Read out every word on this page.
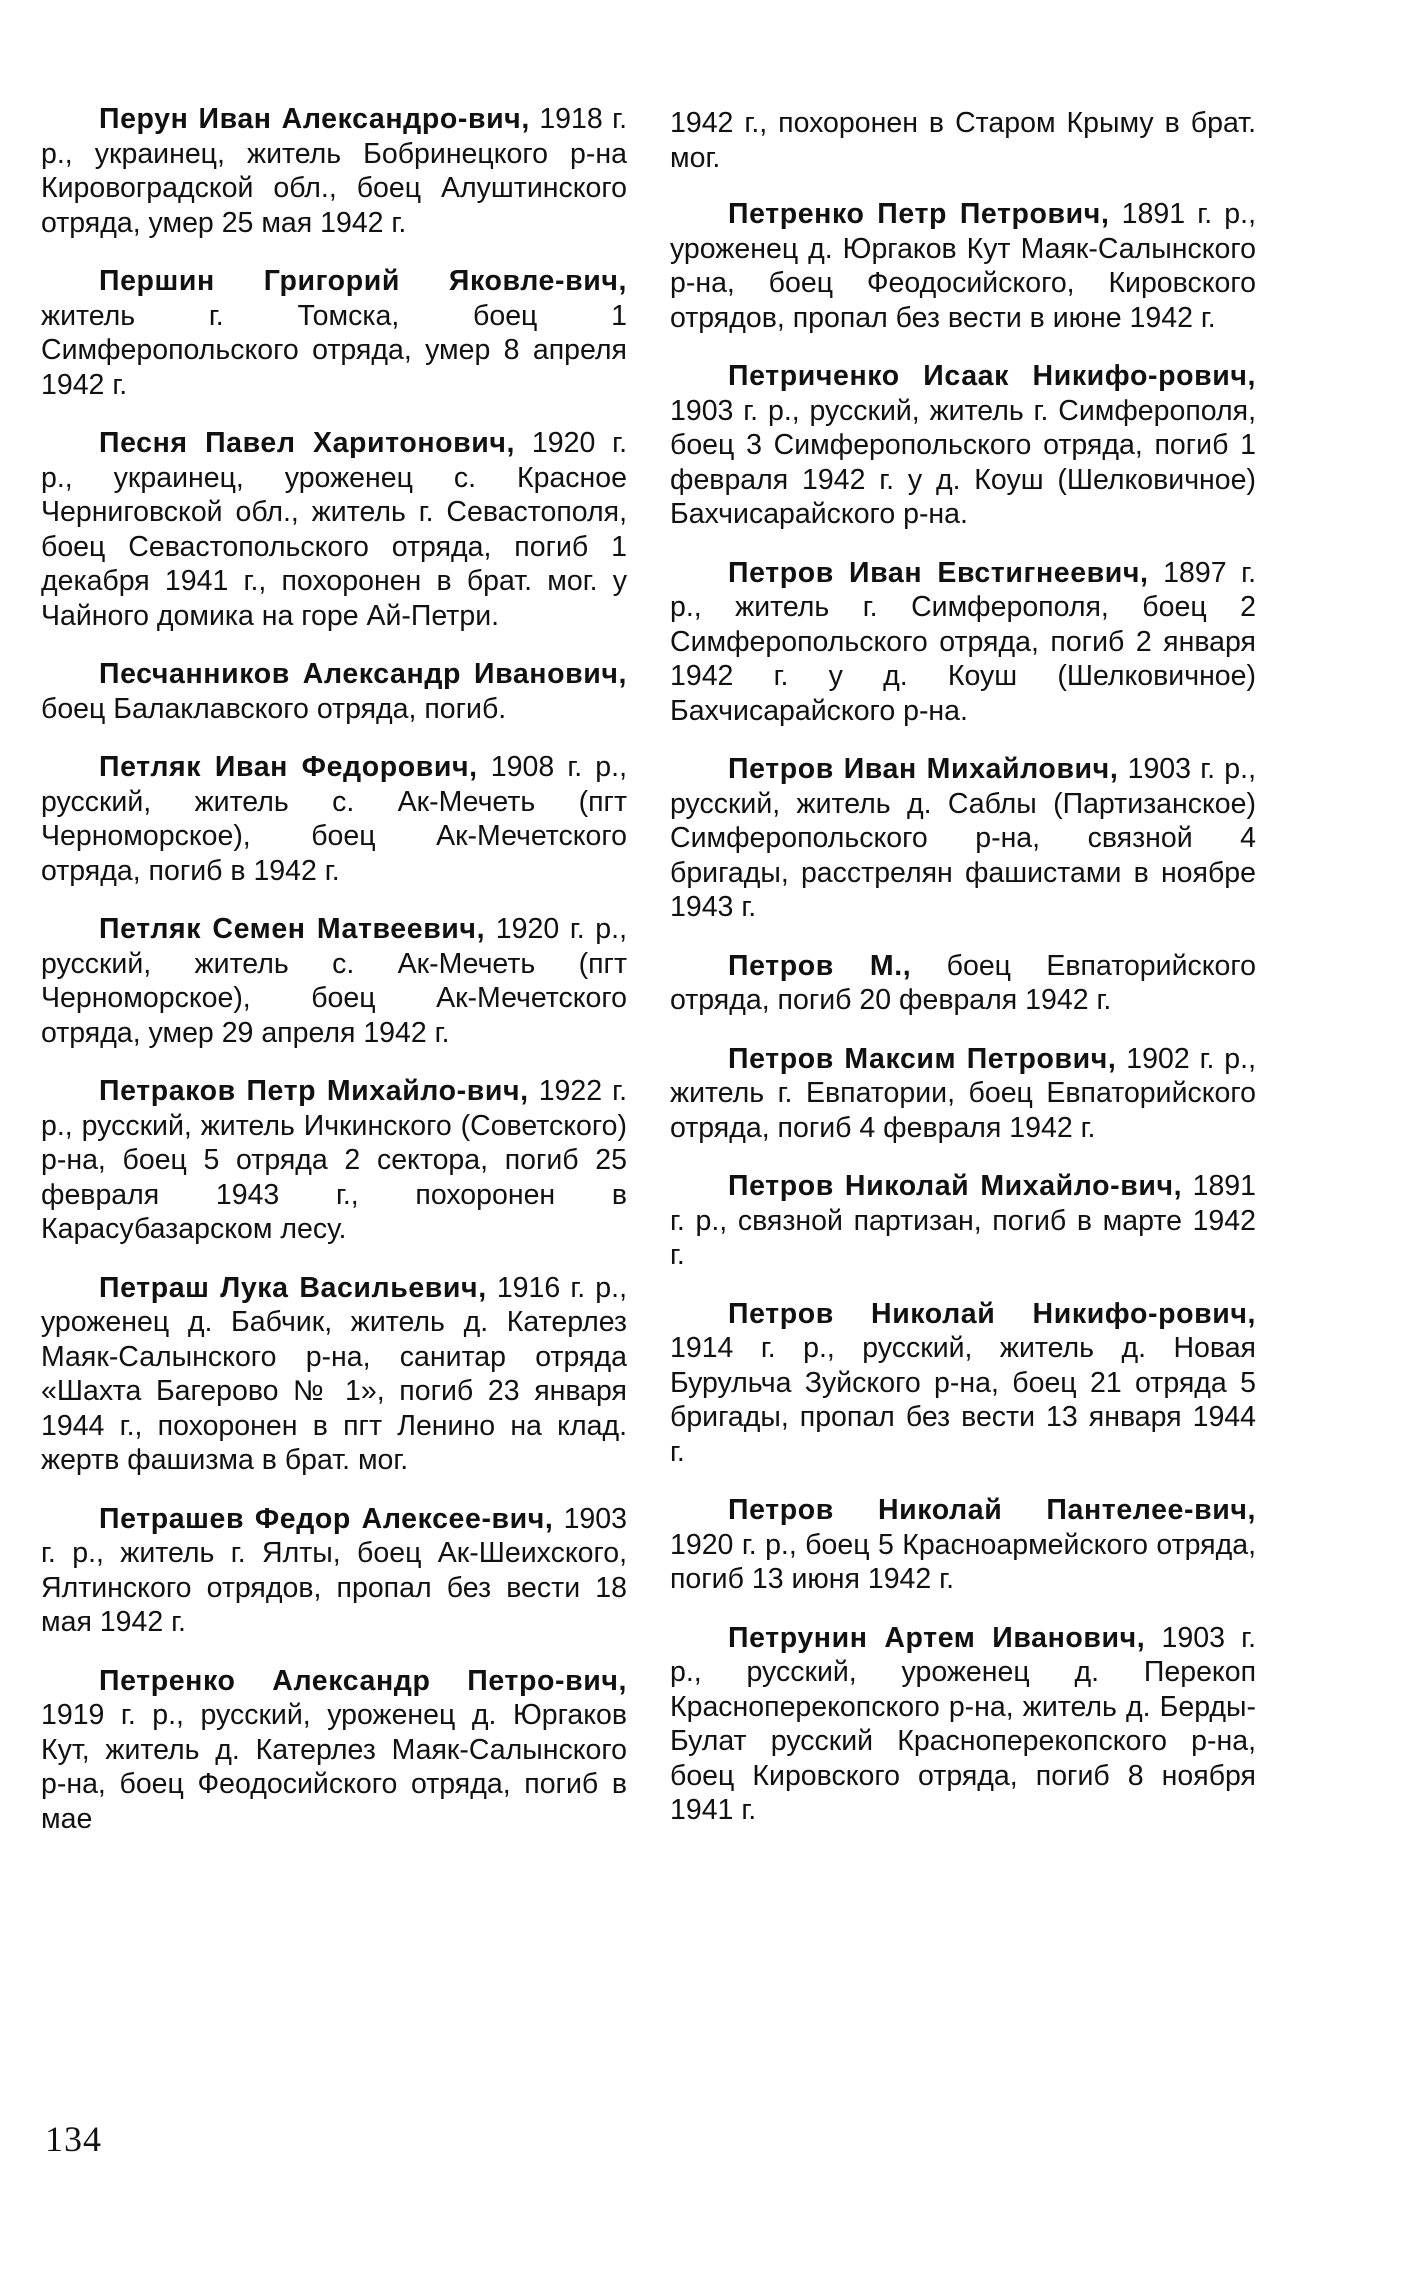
Перун Иван Александро-вич, 1918 г. р., украинец, житель Бобринецкого р-на Кировоградской обл., боец Алуштинского отряда, умер 25 мая 1942 г.

Першин Григорий Яковле-вич, житель г. Томска, боец 1 Симферопольского отряда, умер 8 апреля 1942 г.

Песня Павел Харитонович, 1920 г. р., украинец, уроженец с. Красное Черниговской обл., житель г. Севастополя, боец Севастопольского отряда, погиб 1 декабря 1941 г., похоронен в брат. мог. у Чайного домика на горе Ай-Петри.

Песчанников Александр Иванович, боец Балаклавского отряда, погиб.

Петляк Иван Федорович, 1908 г. р., русский, житель с. Ак-Мечеть (пгт Черноморское), боец Ак-Мечетского отряда, погиб в 1942 г.

Петляк Семен Матвеевич, 1920 г. р., русский, житель с. Ак-Мечеть (пгт Черноморское), боец Ак-Мечетского отряда, умер 29 апреля 1942 г.

Петраков Петр Михайло-вич, 1922 г. р., русский, житель Ичкинского (Советского) р-на, боец 5 отряда 2 сектора, погиб 25 февраля 1943 г., похоронен в Карасубазарском лесу.

Петраш Лука Васильевич, 1916 г. р., уроженец д. Бабчик, житель д. Катерлез Маяк-Салынского р-на, санитар отряда «Шахта Багерово № 1», погиб 23 января 1944 г., похоронен в пгт Ленино на клад. жертв фашизма в брат. мог.

Петрашев Федор Алексее-вич, 1903 г. р., житель г. Ялты, боец Ак-Шеихского, Ялтинского отрядов, пропал без вести 18 мая 1942 г.

Петренко Александр Петро-вич, 1919 г. р., русский, уроженец д. Юргаков Кут, житель д. Катерлез Маяк-Салынского р-на, боец Феодосийского отряда, погиб в мае

1942 г., похоронен в Старом Крыму в брат. мог.

Петренко Петр Петрович, 1891 г. р., уроженец д. Юргаков Кут Маяк-Салынского р-на, боец Феодосийского, Кировского отрядов, пропал без вести в июне 1942 г.

Петриченко Исаак Никифо-рович, 1903 г. р., русский, житель г. Симферополя, боец 3 Симферопольского отряда, погиб 1 февраля 1942 г. у д. Коуш (Шелковичное) Бахчисарайского р-на.

Петров Иван Евстигнеевич, 1897 г. р., житель г. Симферополя, боец 2 Симферопольского отряда, погиб 2 января 1942 г. у д. Коуш (Шелковичное) Бахчисарайского р-на.

Петров Иван Михайлович, 1903 г. р., русский, житель д. Саблы (Партизанское) Симферопольского р-на, связной 4 бригады, расстрелян фашистами в ноябре 1943 г.

Петров М., боец Евпаторийского отряда, погиб 20 февраля 1942 г.

Петров Максим Петрович, 1902 г. р., житель г. Евпатории, боец Евпаторийского отряда, погиб 4 февраля 1942 г.

Петров Николай Михайло-вич, 1891 г. р., связной партизан, погиб в марте 1942 г.

Петров Николай Никифо-рович, 1914 г. р., русский, житель д. Новая Бурульча Зуйского р-на, боец 21 отряда 5 бригады, пропал без вести 13 января 1944 г.

Петров Николай Пантелее-вич, 1920 г. р., боец 5 Красноармейского отряда, погиб 13 июня 1942 г.

Петрунин Артем Иванович, 1903 г. р., русский, уроженец д. Перекоп Красноперекопского р-на, житель д. Берды-Булат русский Красноперекопского р-на, боец Кировского отряда, погиб 8 ноября 1941 г.

134
